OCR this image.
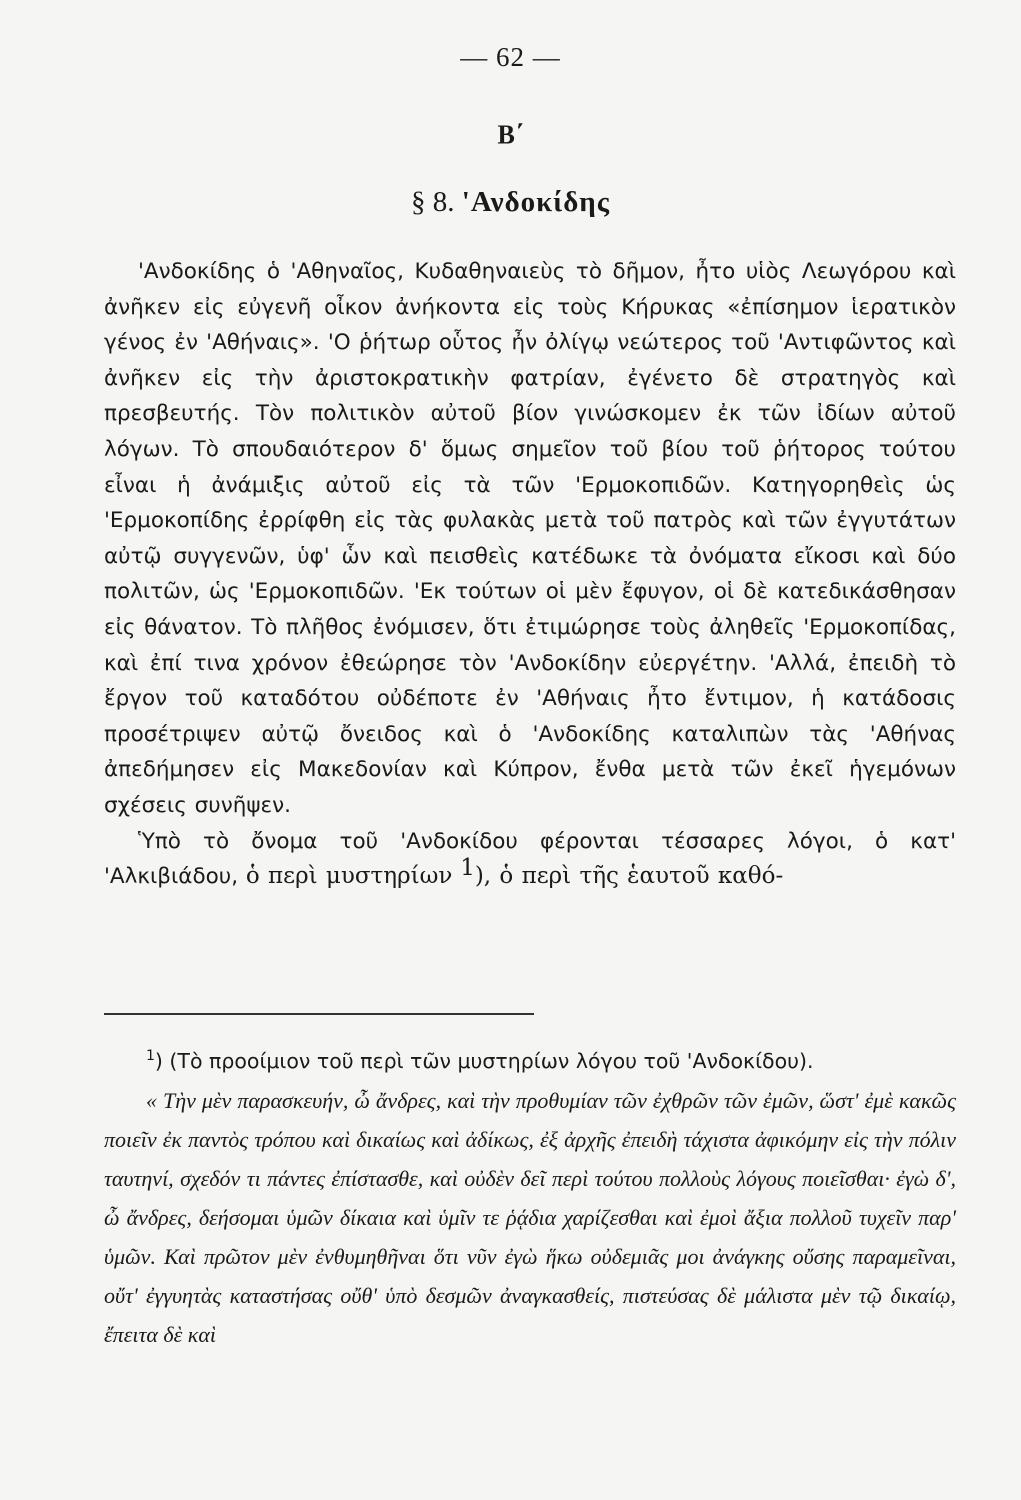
— 62 —
Β΄
§ 8. 'Ανδοκίδης

'Ανδοκίδης ὁ 'Αθηναῖος, Κυδαθηναιεὺς τὸ δῆμον, ἦτο υἱὸς Λεωγόρου καὶ ἀνῆκεν εἰς εὐγενῆ οἶκον ἀνήκοντα εἰς τοὺς Κήρυκας «ἐπίσημον ἱερατικὸν γένος ἐν 'Αθήναις». 'Ο ῥήτωρ οὗτος ἦν ὀλίγῳ νεώτερος τοῦ 'Αντιφῶντος καὶ ἀνῆκεν εἰς τὴν ἀριστοκρατικὴν φατρίαν, ἐγένετο δὲ στρατηγὸς καὶ πρεσβευτής. Τὸν πολιτικὸν αὐτοῦ βίον γινώσκομεν ἐκ τῶν ἰδίων αὐτοῦ λόγων. Τὸ σπουδαιότερον δ' ὅμως σημεῖον τοῦ βίου τοῦ ῥήτορος τούτου εἶναι ἡ ἀνάμιξις αὐτοῦ εἰς τὰ τῶν 'Ερμοκοπιδῶν. Κατηγορηθεὶς ὡς 'Ερμοκοπίδης ἐρρίφθη εἰς τὰς φυλακὰς μετὰ τοῦ πατρὸς καὶ τῶν ἐγγυτάτων αὐτῷ συγγενῶν, ὑφ' ὧν καὶ πεισθεὶς κατέδωκε τὰ ὀνόματα εἴκοσι καὶ δύο πολιτῶν, ὡς 'Ερμοκοπιδῶν. 'Εκ τούτων οἱ μὲν ἔφυγον, οἱ δὲ κατεδικάσθησαν εἰς θάνατον. Τὸ πλῆθος ἐνόμισεν, ὅτι ἐτιμώρησε τοὺς ἀληθεῖς 'Ερμοκοπίδας, καὶ ἐπί τινα χρόνον ἐθεώρησε τὸν 'Ανδοκίδην εὐεργέτην. 'Αλλά, ἐπειδὴ τὸ ἔργον τοῦ καταδότου οὐδέποτε ἐν 'Αθήναις ἦτο ἔντιμον, ἡ κατάδοσις προσέτριψεν αὐτῷ ὄνειδος καὶ ὁ 'Ανδοκίδης καταλιπὼν τὰς 'Αθήνας ἀπεδήμησεν εἰς Μακεδονίαν καὶ Κύπρον, ἔνθα μετὰ τῶν ἐκεῖ ἡγεμόνων σχέσεις συνῆψεν.

Ὑπὸ τὸ ὄνομα τοῦ 'Ανδοκίδου φέρονται τέσσαρες λόγοι, ὁ κατ' 'Αλκιβιάδου, ὁ περὶ μυστηρίων $^1$), ὁ περὶ τῆς ἑαυτοῦ καθό-

$^1$) (Τὸ προοίμιον τοῦ περὶ τῶν μυστηρίων λόγου τοῦ 'Ανδοκίδου).

« Τὴν μὲν παρασκευήν, ὦ ἄνδρες, καὶ τὴν προθυμίαν τῶν ἐχθρῶν τῶν ἐμῶν, ὥστ' ἐμὲ κακῶς ποιεῖν ἐκ παντὸς τρόπου καὶ δικαίως καὶ ἀδίκως, ἐξ ἀρχῆς ἐπειδὴ τάχιστα ἀφικόμην εἰς τὴν πόλιν ταυτηνί, σχεδόν τι πάντες ἐπίστασθε, καὶ οὐδὲν δεῖ περὶ τούτου πολλοὺς λόγους ποιεῖσθαι· ἐγὼ δ', ὦ ἄνδρες, δεήσομαι ὑμῶν δίκαια καὶ ὑμῖν τε ῥᾴδια χαρίζεσθαι καὶ ἐμοὶ ἄξια πολλοῦ τυχεῖν παρ' ὑμῶν. Καὶ πρῶτον μὲν ἐνθυμηθῆναι ὅτι νῦν ἐγὼ ἥκω οὐδεμιᾶς μοι ἀνάγκης οὔσης παραμεῖναι, οὔτ' ἐγγυητὰς καταστήσας οὔθ' ὑπὸ δεσμῶν ἀναγκασθείς, πιστεύσας δὲ μάλιστα μὲν τῷ δικαίῳ, ἔπειτα δὲ καὶ
